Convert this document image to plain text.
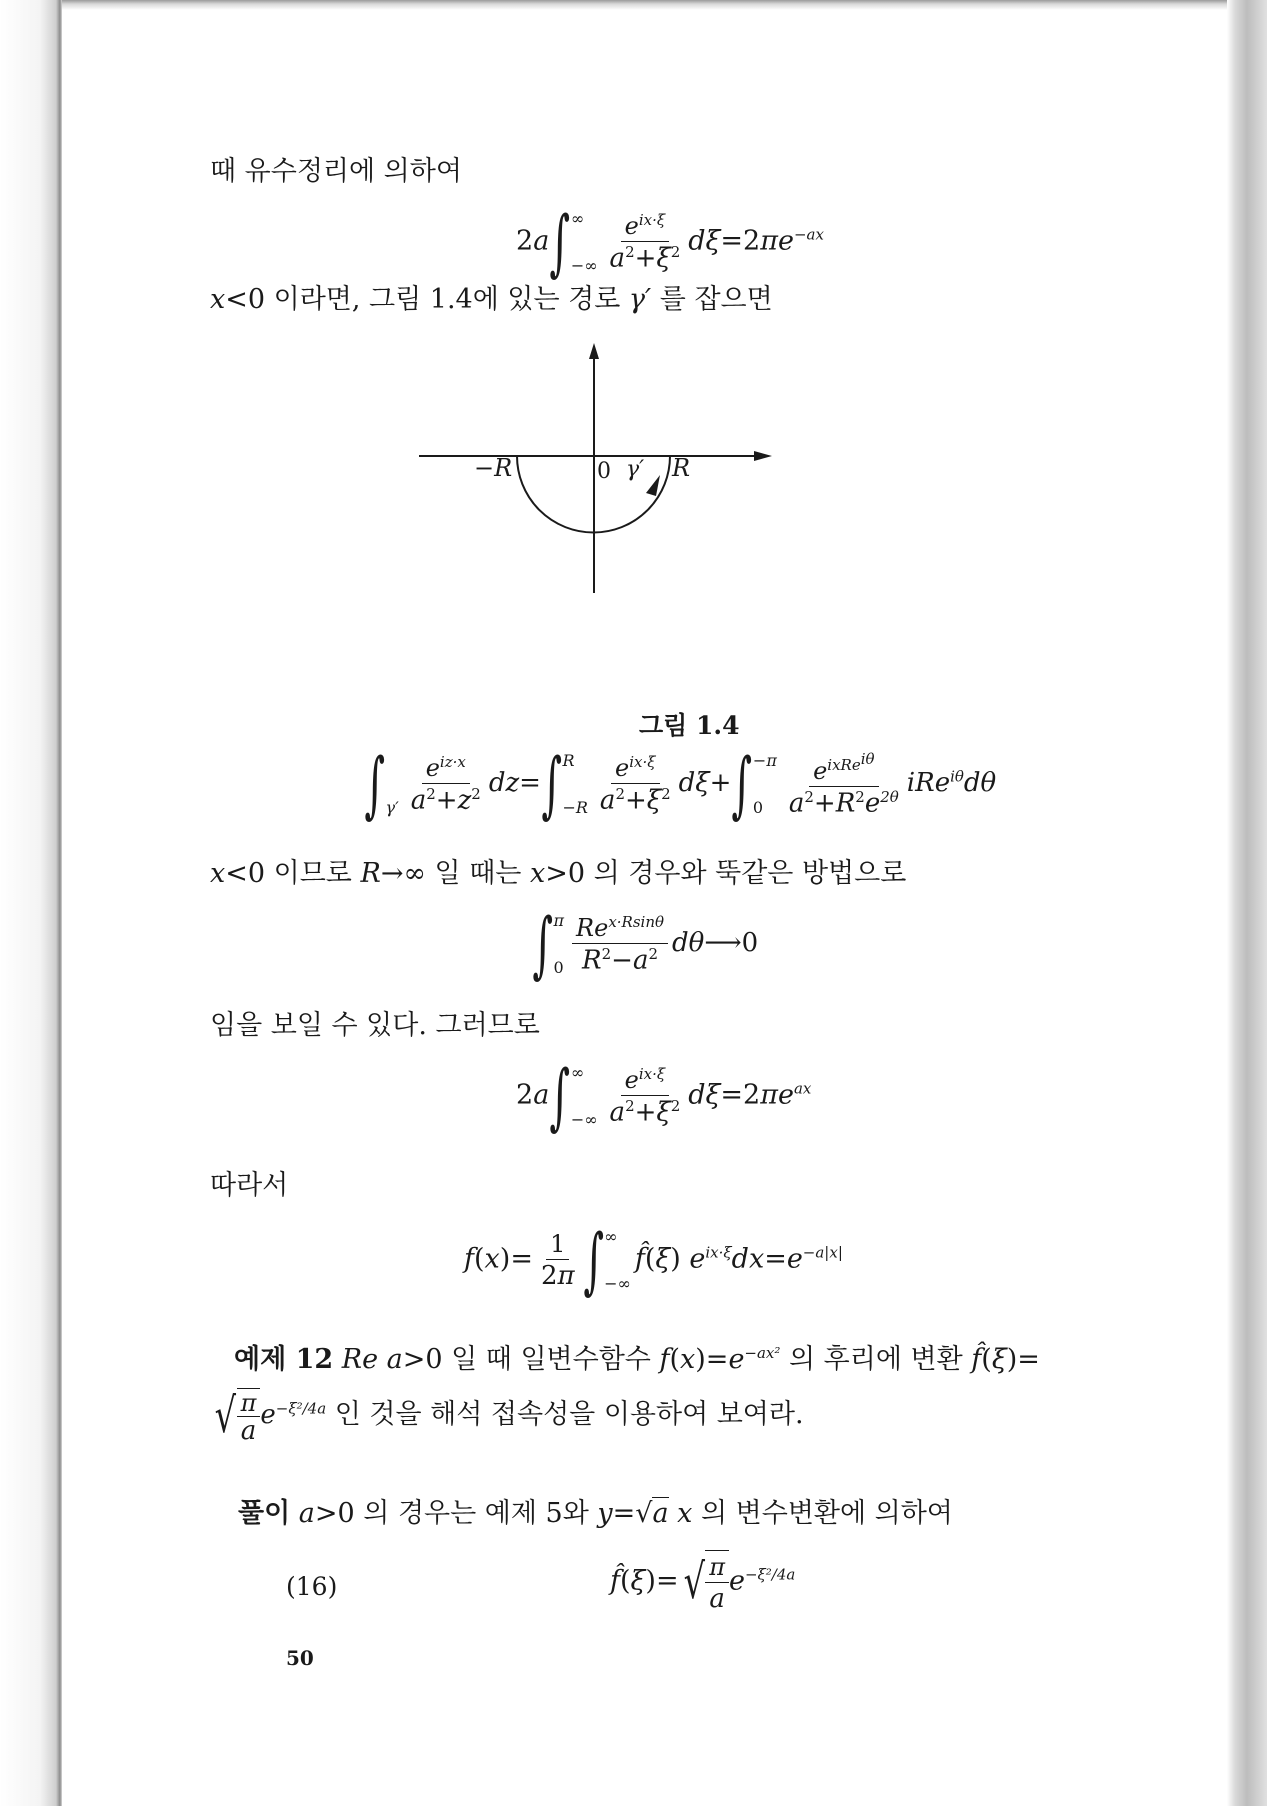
때 유수정리에 의하여
2a∫ ∞
−∞ $\frac{e^{ix\cdot\xi}}{a^2+\xi^2} d\xi=2\pi e^{-ax}$
x<0 이라면, 그림 1.4에 있는 경로 γ′ 를 잡으면
−R	0 γ′ R
그림 1.4
∫ $\gamma' \frac{e^{iz\cdot x}}{a^2+z^2} dz=\int$ R
$-R \frac{e^{ix\cdot\xi}}{a^2+\xi^2} d\xi+\int -\pi$
$0 \frac{e^{ixRe^{i\theta}}}{a^2+R^2e^{2\theta}} iRe^{i\theta}d\theta$
x<0 이므로 R→∞ 일 때는 x>0 의 경우와 뚝같은 방법으로
∫ π
$0 \frac{Re^{x\cdot Rsin\theta}}{R^2-a^2}$ dθ⟶0
임을 보일 수 있다. 그러므로
2a∫ ∞
−∞ $\frac{e^{ix\cdot\xi}}{a^2+\xi^2} d\xi=2\pi e^{ax}$
따라서
$f(x)= \frac{1}{2\pi}$ ∫ ∞
−∞
f̂(ξ) $e^{ix\cdot\xi}dx=e^{-a|x|}$
예제 12 Re a>0 일 때 일변수함수 $f(x)=e^{-ax^2}$ 의 후리에 변환 f̂(ξ)=
√ $\frac{\pi}{a} e^{-\xi^2/4a}$ 인 것을 해석 접속성을 이용하여 보여라.
풀이 a>0 의 경우는 예제 5와 y=√a x 의 변수변환에 의하여
(16)	f̂(ξ)= √ $\frac{\pi}{a} e^{-\xi^2/4a}$
50
